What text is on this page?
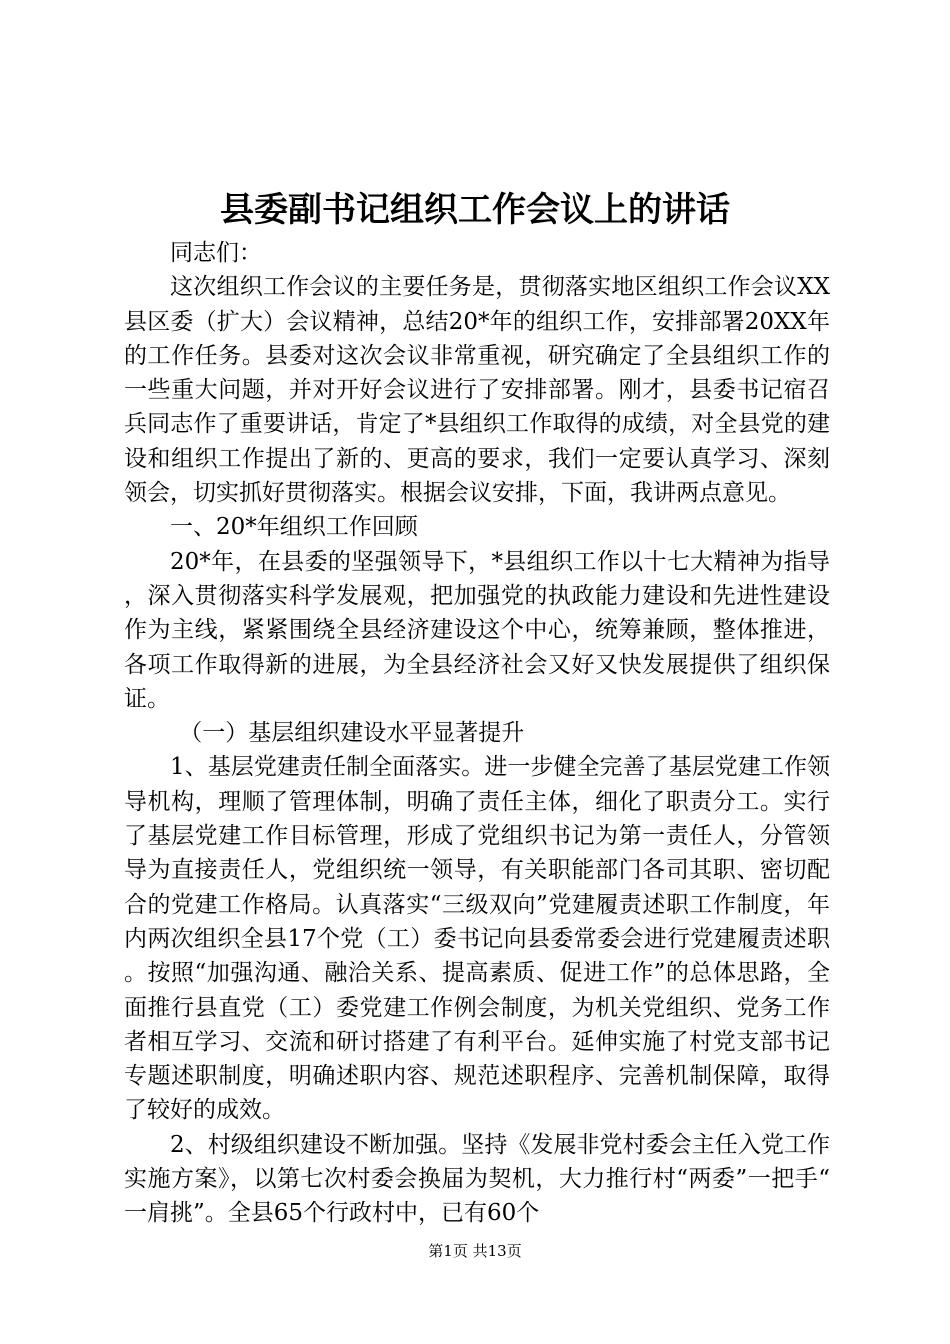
县委副书记组织工作会议上的讲话

同志们：

这次组织工作会议的主要任务是，贯彻落实地区组织工作会议XX县区委（扩大）会议精神，总结20*年的组织工作，安排部署20XX年的工作任务。县委对这次会议非常重视，研究确定了全县组织工作的一些重大问题，并对开好会议进行了安排部署。刚才，县委书记宿召兵同志作了重要讲话，肯定了*县组织工作取得的成绩，对全县党的建设和组织工作提出了新的、更高的要求，我们一定要认真学习、深刻领会，切实抓好贯彻落实。根据会议安排，下面，我讲两点意见。

一、20*年组织工作回顾

20*年，在县委的坚强领导下，*县组织工作以十七大精神为指导，深入贯彻落实科学发展观，把加强党的执政能力建设和先进性建设作为主线，紧紧围绕全县经济建设这个中心，统筹兼顾，整体推进，各项工作取得新的进展，为全县经济社会又好又快发展提供了组织保证。

（一）基层组织建设水平显著提升

1、基层党建责任制全面落实。进一步健全完善了基层党建工作领导机构，理顺了管理体制，明确了责任主体，细化了职责分工。实行了基层党建工作目标管理，形成了党组织书记为第一责任人，分管领导为直接责任人，党组织统一领导，有关职能部门各司其职、密切配合的党建工作格局。认真落实“三级双向”党建履责述职工作制度，年内两次组织全县17个党（工）委书记向县委常委会进行党建履责述职。按照“加强沟通、融洽关系、提高素质、促进工作”的总体思路，全面推行县直党（工）委党建工作例会制度，为机关党组织、党务工作者相互学习、交流和研讨搭建了有利平台。延伸实施了村党支部书记专题述职制度，明确述职内容、规范述职程序、完善机制保障，取得了较好的成效。

2、村级组织建设不断加强。坚持《发展非党村委会主任入党工作实施方案》，以第七次村委会换届为契机，大力推行村“两委”一把手“一肩挑”。全县65个行政村中，已有60个

第1页 共13页
